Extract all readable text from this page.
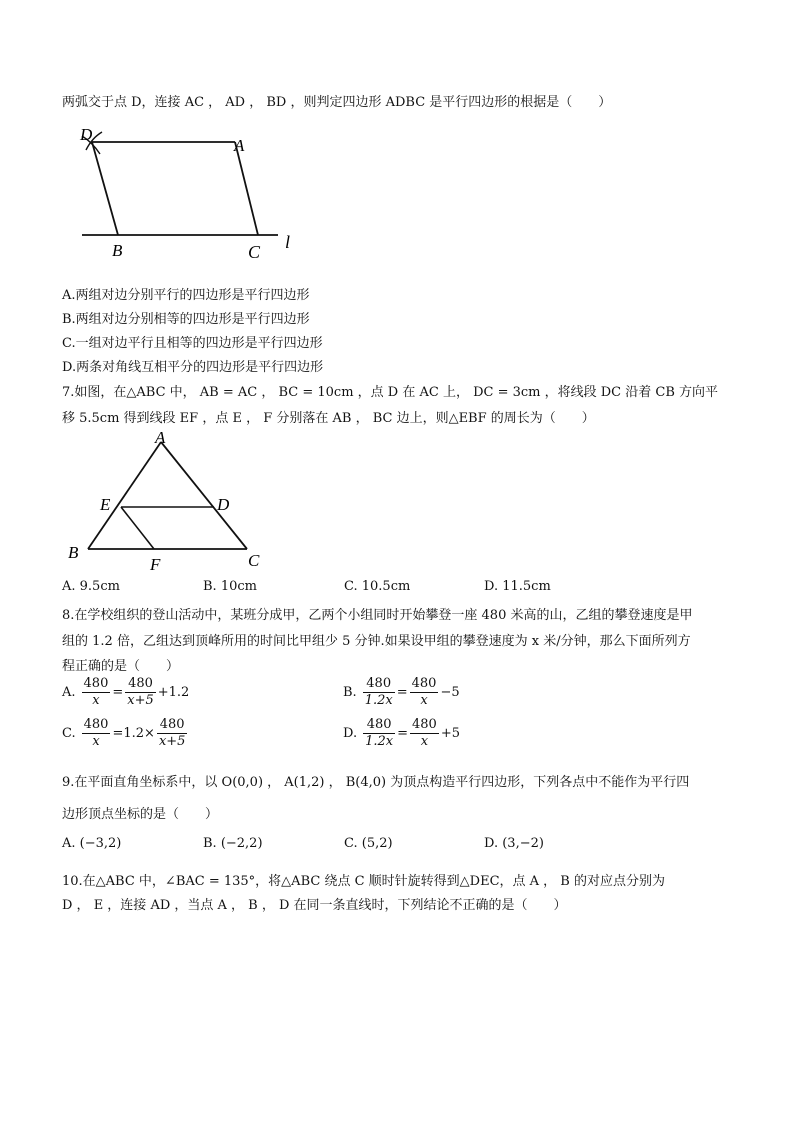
两弧交于点 D，连接 AC ， AD ， BD ，则判定四边形 ADBC 是平行四边形的根据是（　　）
D
A
B	C l
A.两组对边分别平行的四边形是平行四边形
B.两组对边分别相等的四边形是平行四边形
C.一组对边平行且相等的四边形是平行四边形
D.两条对角线互相平分的四边形是平行四边形
7.如图，在△ABC 中， AB = AC ， BC = 10cm ，点 D 在 AC 上， DC = 3cm ，将线段 DC 沿着 CB 方向平
移 5.5cm 得到线段 EF ，点 E ， F 分别落在 AB ， BC 边上，则△EBF 的周长为（　　）
A
E	D
B
F	C
A. 9.5cm	B. 10cm	C. 10.5cm	D. 11.5cm
8.在学校组织的登山活动中，某班分成甲，乙两个小组同时开始攀登一座 480 米高的山，乙组的攀登速度是甲
组的 1.2 倍，乙组达到顶峰所用的时间比甲组少 5 分钟.如果设甲组的攀登速度为 x 米/分钟，那么下面所列方
程正确的是（　　）
A. $\frac{480}{x} = \frac{480}{x+5} +1.2$	B. $\frac{480}{1.2x} = \frac{480}{x} -5$
C. $\frac{480}{x} =1.2\times \frac{480}{x+5}$	D. $\frac{480}{1.2x} = \frac{480}{x} +5$
9.在平面直角坐标系中，以 O(0,0) ， A(1,2) ， B(4,0) 为顶点构造平行四边形，下列各点中不能作为平行四
边形顶点坐标的是（　　）
A. (−3,2)	B. (−2,2)	C. (5,2)	D. (3,−2)
10.在△ABC 中，∠BAC = 135°，将△ABC 绕点 C 顺时针旋转得到△DEC，点 A ， B 的对应点分别为
D ， E ，连接 AD ，当点 A ， B ， D 在同一条直线时，下列结论不正确的是（　　）
